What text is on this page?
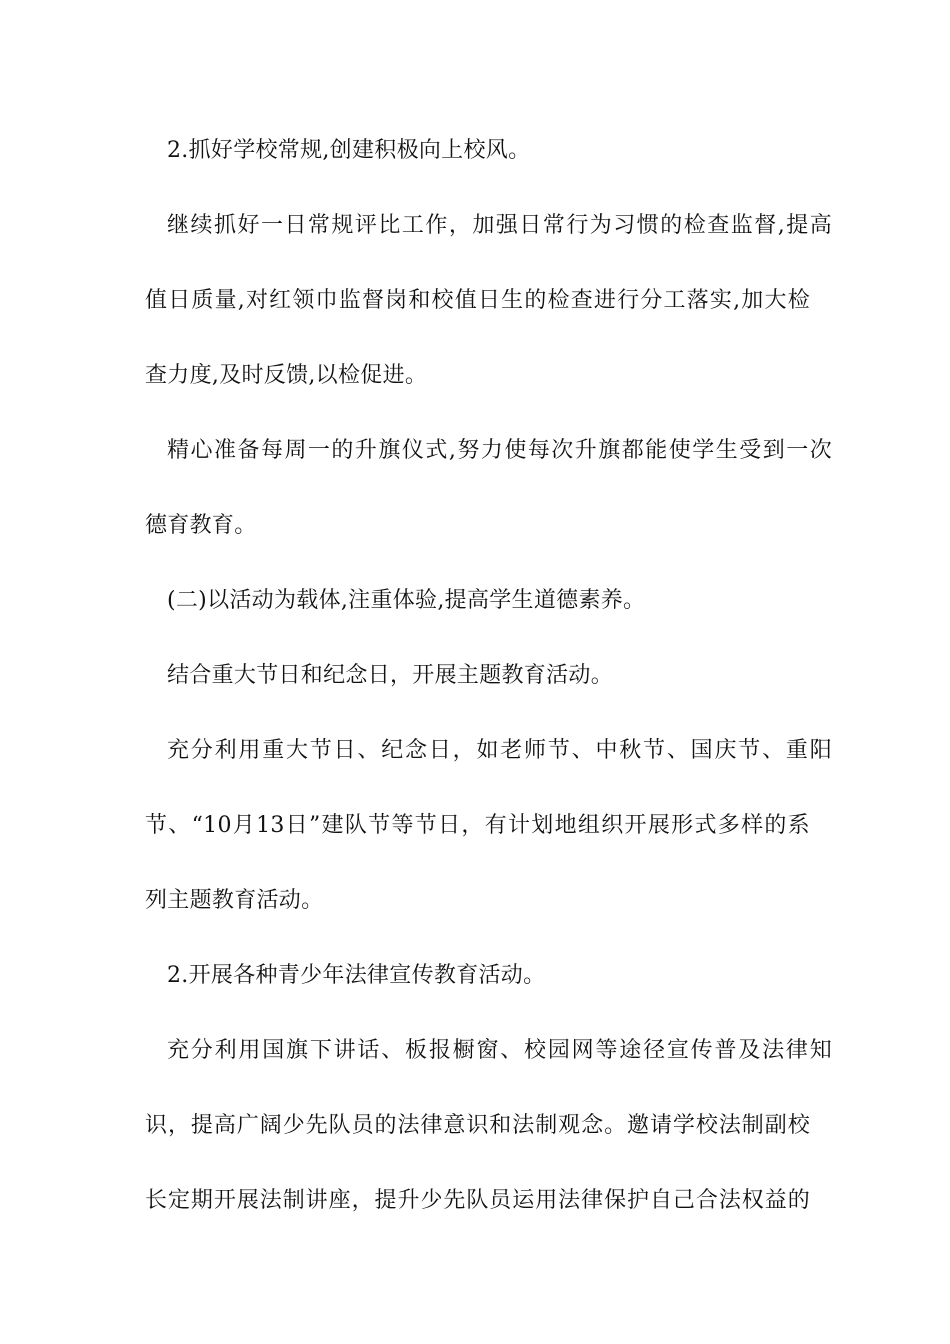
2.抓好学校常规,创建积极向上校风。
继续抓好一日常规评比工作，加强日常行为习惯的检查监督,提高
值日质量,对红领巾监督岗和校值日生的检查进行分工落实,加大检
查力度,及时反馈,以检促进。
精心准备每周一的升旗仪式,努力使每次升旗都能使学生受到一次
德育教育。
(二)以活动为载体,注重体验,提高学生道德素养。
结合重大节日和纪念日，开展主题教育活动。
充分利用重大节日、纪念日，如老师节、中秋节、国庆节、重阳
节、“10月13日”建队节等节日，有计划地组织开展形式多样的系
列主题教育活动。
2.开展各种青少年法律宣传教育活动。
充分利用国旗下讲话、板报橱窗、校园网等途径宣传普及法律知
识，提高广阔少先队员的法律意识和法制观念。邀请学校法制副校
长定期开展法制讲座，提升少先队员运用法律保护自己合法权益的
